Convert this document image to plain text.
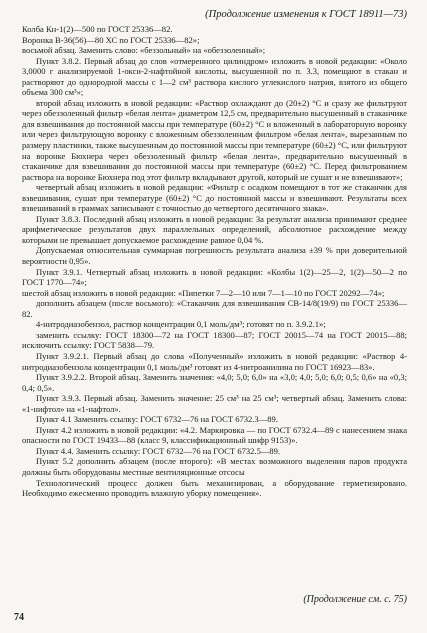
(Продолжение изменения к ГОСТ 18911—73)

Колба Кн-1(2)—500 по ГОСТ 25336—82.

Воронка В-36(56)—80 ХС по ГОСТ 25336—82»;

восьмой абзац. Заменить слово: «беззольный» на «обеззоленный»;

Пункт 3.8.2. Первый абзац до слов «отмеренного цилиндром» изложить в новой редакции: «Около 3,0000 г анализируемой 1-окси-2-нафтойной кислоты, высушенной по п. 3.3, помещают в стакан и растворяют до однородной массы с 1—2 см³ раствора кислого углекислого натрия, взятого из общего объема 300 см³»;

второй абзац изложить в новой редакции: «Раствор охлаждают до (20±2) °С и сразу же фильтруют через обеззоленный фильтр «белая лента» диаметром 12,5 см, предварительно высушенный в стаканчике для взвешивания до постоянной массы при температуре (60±2) °С и вложенный в лабораторную воронку или через фильтрующую воронку с вложенным обеззоленным фильтром «белая лента», вырезанным по размеру пластинки, также высушенным до постоянной массы при температуре (60±2) °С, или фильтруют на воронке Бюхнера через обеззоленный фильтр «белая лента», предварительно высушенный в стаканчике для взвешивания до постоянной массы при температуре (60±2) °С. Перед фильтрованием раствора на воронке Бюхнера под этот фильтр вкладывают другой, который не сушат и не взвешивают»;

четвертый абзац изложить в новой редакции: «Фильтр с осадком помещают в тот же стаканчик для взвешивания, сушат при температуре (60±2) °С до постоянной массы и взвешивают. Результаты всех взвешиваний в граммах записывают с точностью до четвертого десятичного знака».

Пункт 3.8.3. Последний абзац изложить в новой редакции: За результат анализа принимают среднее арифметическое результатов двух параллельных определений, абсолютное расхождение между которыми не превышает допускаемое расхождение равное 0,04 %.

Допускаемая относительная суммарная погрешность результата анализа ±39 % при доверительной вероятности 0,95».

Пункт 3.9.1. Четвертый абзац изложить в новой редакции: «Колбы 1(2)—25—2, 1(2)—50—2 по ГОСТ 1770—74»;

шестой абзац изложить в новой редакции: «Пипетки 7—2—10 или 7—1—10 по ГОСТ 20292—74»;

дополнить абзацем (после восьмого): «Стаканчик для взвешивания СВ-14/8(19/9) по ГОСТ 25336—82.

4-нитродиазобензол, раствор концентрации 0,1 моль/дм³; готовят по п. 3.9.2.1»;

заменить ссылку: ГОСТ 18300—72 на ГОСТ 18300—87; ГОСТ 20015—74 на ГОСТ 20015—88; исключить ссылку: ГОСТ 5838—79.

Пункт 3.9.2.1. Первый абзац до слова «Полученный» изложить в новой редакции: «Раствор 4-нитродиазобензола концентрации 0,1 моль/дм³ готовят из 4-нитроанилина по ГОСТ 16923—83».

Пункт 3.9.2.2. Второй абзац. Заменить значения: «4,0; 5,0; 6,0» на «3,0; 4,0; 5,0; 6,0; 0,5; 0,6» на «0,3; 0,4; 0,5».

Пункт 3.9.3. Первый абзац. Заменить значение: 25 см³ на 25 см³; четвертый абзац. Заменить слова: «1-нифтол» на «1-нафтол».

Пункт 4.1 Заменить ссылку: ГОСТ 6732—76 на ГОСТ 6732.3—89.

Пункт 4.2 изложить в новой редакции: «4.2. Маркировка — по ГОСТ 6732.4—89 с нанесением знака опасности по ГОСТ 19433—88 (класс 9, классификационный шифр 9153)».

Пункт 4.4. Заменить ссылку: ГОСТ 6732—76 на ГОСТ 6732.5—89.

Пункт 5.2 дополнить абзацем (после второго): «В местах возможного выделения паров продукта должны быть оборудованы местные вентиляционные отсосы

Технологический процесс должен быть механизирован, а оборудование герметизировано. Необходимо ежесменно проводить влажную уборку помещения».

(Продолжение см. с. 75)
74
